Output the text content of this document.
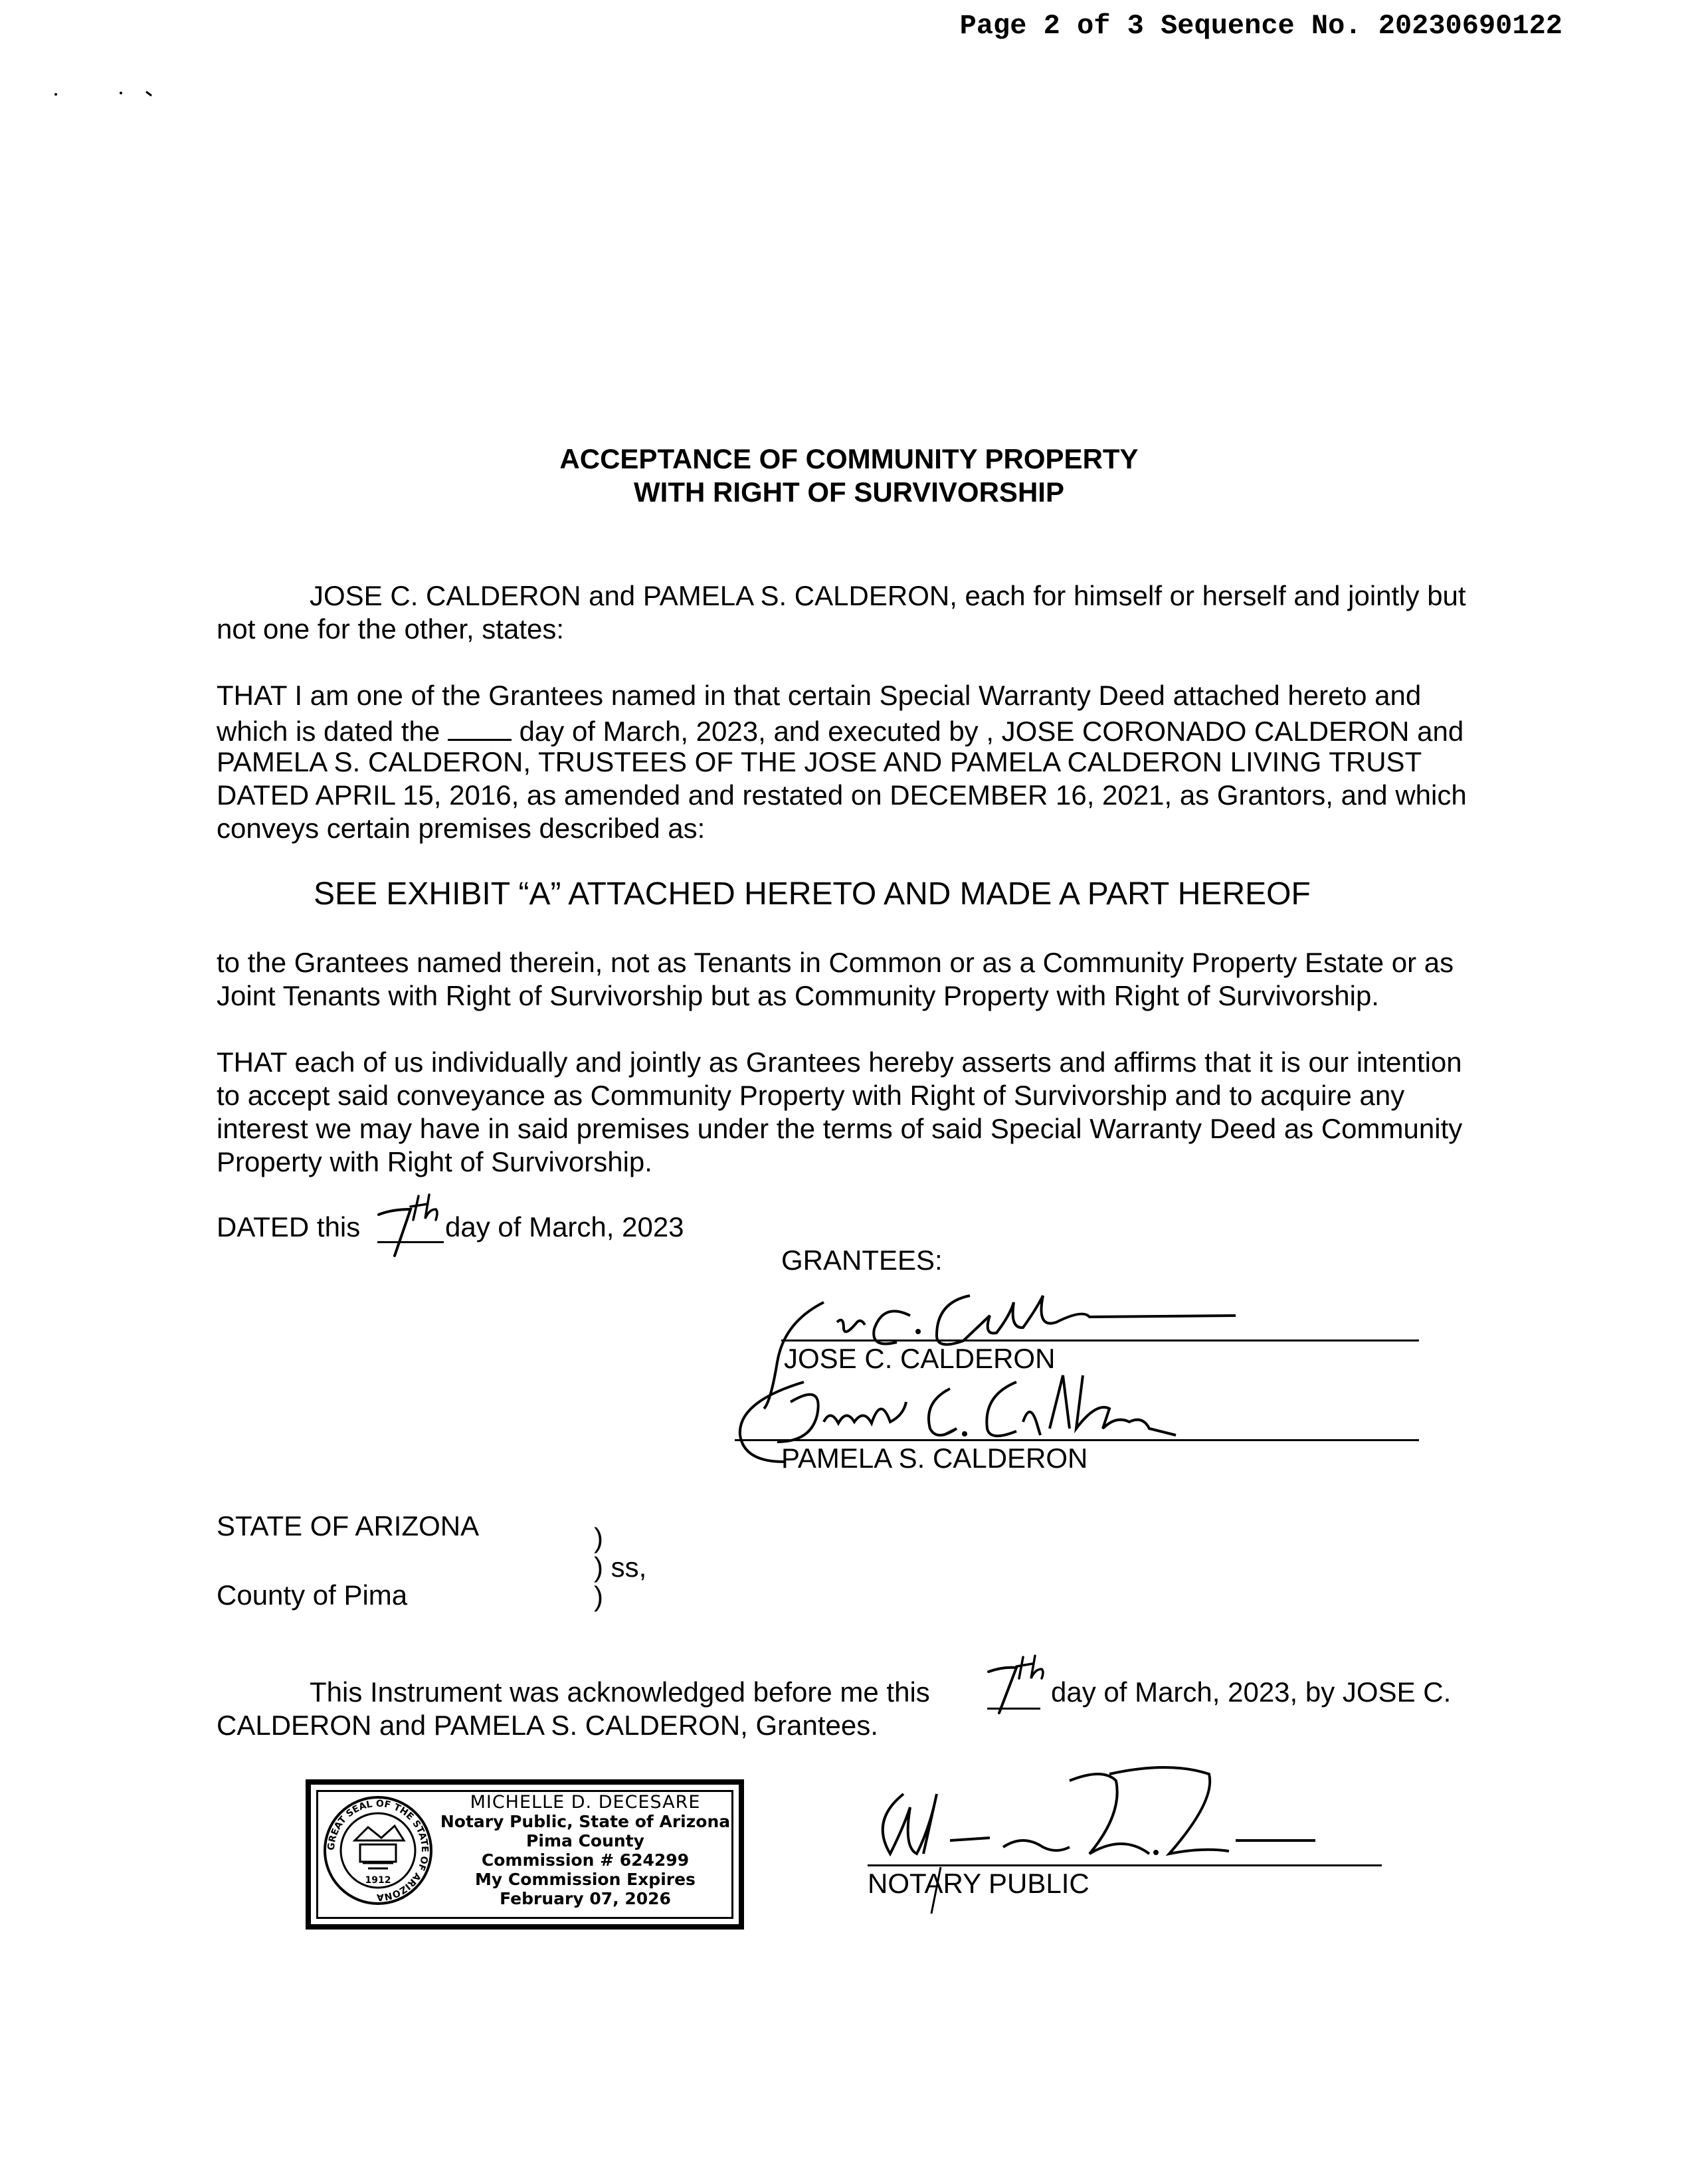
Page 2 of 3 Sequence No. 20230690122
ACCEPTANCE OF COMMUNITY PROPERTY
WITH RIGHT OF SURVIVORSHIP
JOSE C. CALDERON and PAMELA S. CALDERON, each for himself or herself and jointly but
not one for the other, states:
THAT I am one of the Grantees named in that certain Special Warranty Deed attached hereto and
which is dated the	day of March, 2023, and executed by , JOSE CORONADO CALDERON and
PAMELA S. CALDERON, TRUSTEES OF THE JOSE AND PAMELA CALDERON LIVING TRUST
DATED APRIL 15, 2016, as amended and restated on DECEMBER 16, 2021, as Grantors, and which
conveys certain premises described as:
SEE EXHIBIT “A” ATTACHED HERETO AND MADE A PART HEREOF
to the Grantees named therein, not as Tenants in Common or as a Community Property Estate or as
Joint Tenants with Right of Survivorship but as Community Property with Right of Survivorship.
THAT each of us individually and jointly as Grantees hereby asserts and affirms that it is our intention
to accept said conveyance as Community Property with Right of Survivorship and to acquire any
interest we may have in said premises under the terms of said Special Warranty Deed as Community
Property with Right of Survivorship.
DATED this	day of March, 2023
GRANTEES:
JOSE C. CALDERON
PAMELA S. CALDERON
STATE OF ARIZONA	)
) ss,
County of Pima	)
This Instrument was acknowledged before me this	day of March, 2023, by JOSE C.
CALDERON and PAMELA S. CALDERON, Grantees.
GREAT SEAL OF THE STATE OF ARIZONA
1912
MICHELLE D. DECESARE
Notary Public, State of Arizona
Pima County
Commission # 624299
My Commission Expires
February 07, 2026	NOTARY PUBLIC
